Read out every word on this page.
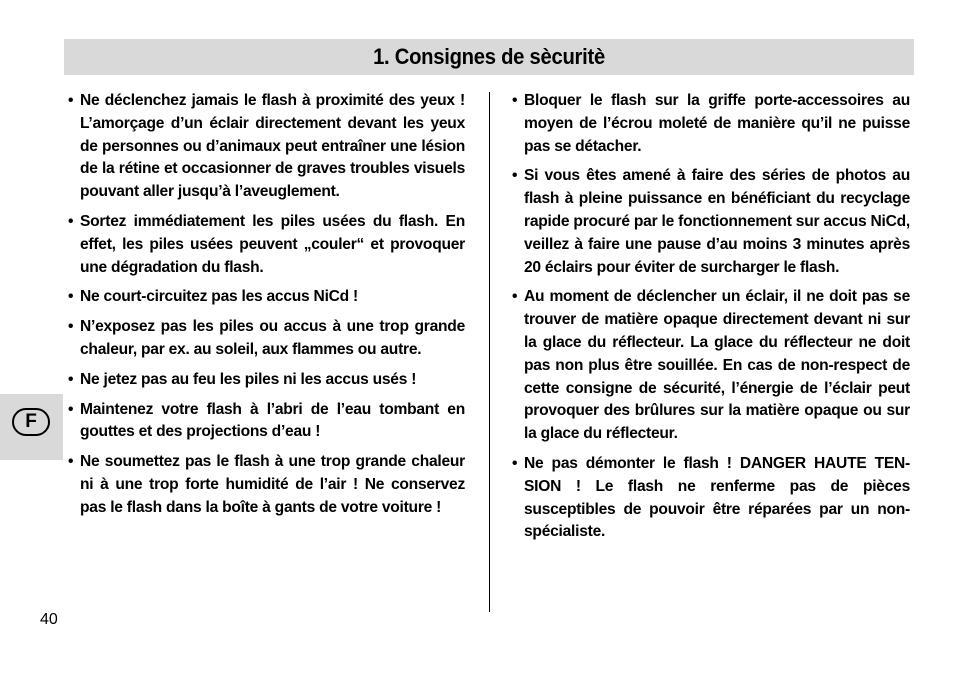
1. Consignes de sècuritè
• Ne déclenchez jamais le flash à proximité des yeux ! L’amorçage d’un éclair directement devant les yeux de personnes ou d’animaux peut entraîner une lésion de la rétine et occasionner de graves troubles visuels pouvant aller jusqu’à l’aveuglement.
• Sortez immédiatement les piles usées du flash. En effet, les piles usées peuvent „couler“ et provoquer une dégradation du flash.
• Ne court-circuitez pas les accus NiCd !
• N’exposez pas les piles ou accus à une trop grande chaleur, par ex. au soleil, aux flammes ou autre.
• Ne jetez pas au feu les piles ni les accus usés !
• Maintenez votre flash à l’abri de l’eau tombant en gouttes et des projections d’eau !
• Ne soumettez pas le flash à une trop grande chaleur ni à une trop forte humidité de l’air ! Ne conservez pas le flash dans la boîte à gants de votre voiture !
• Bloquer le flash sur la griffe porte-accessoires au moyen de l’écrou moleté de manière qu’il ne puisse pas se détacher.
• Si vous êtes amené à faire des séries de photos au flash à pleine puissance en bénéficiant du recyclage rapide procuré par le fonctionnement sur accus NiCd, veillez à faire une pause d’au moins 3 minutes après 20 éclairs pour éviter de surcharger le flash.
• Au moment de déclencher un éclair, il ne doit pas se trouver de matière opaque directement devant ni sur la glace du réflecteur. La glace du réflecteur ne doit pas non plus être souillée. En cas de non-respect de cette consigne de sécurité, l’énergie de l’éclair peut provoquer des brûlures sur la matière opaque ou sur la glace du réflecteur.
• Ne pas démonter le flash ! DANGER HAUTE TEN-SION ! Le flash ne renferme pas de pièces susceptibles de pouvoir être réparées par un non-spécialiste.
F
40
